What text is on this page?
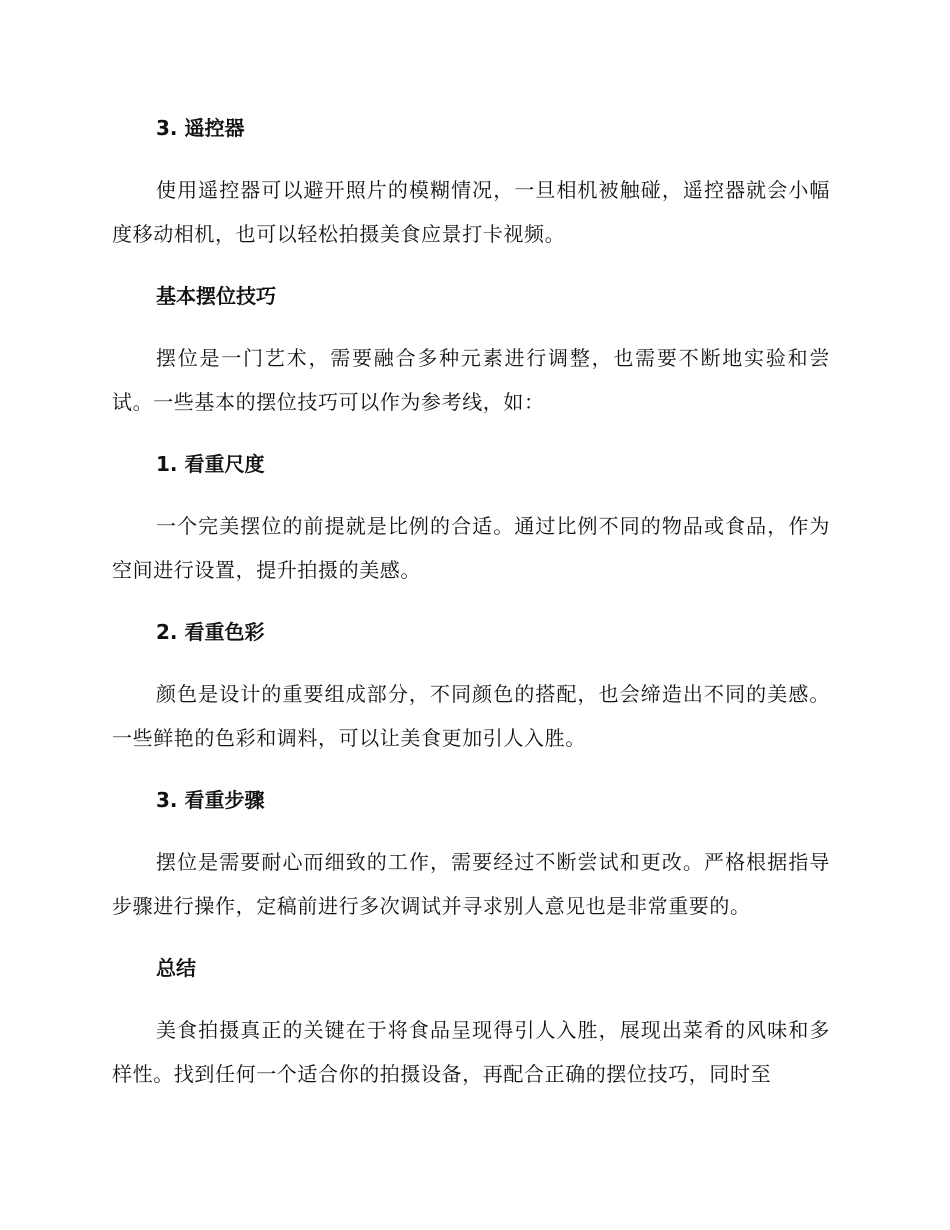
3. 遥控器

使用遥控器可以避开照片的模糊情况，一旦相机被触碰，遥控器就会小幅度移动相机，也可以轻松拍摄美食应景打卡视频。

基本摆位技巧

摆位是一门艺术，需要融合多种元素进行调整，也需要不断地实验和尝试。一些基本的摆位技巧可以作为参考线，如：

1. 看重尺度

一个完美摆位的前提就是比例的合适。通过比例不同的物品或食品，作为空间进行设置，提升拍摄的美感。

2. 看重色彩

颜色是设计的重要组成部分，不同颜色的搭配，也会缔造出不同的美感。一些鲜艳的色彩和调料，可以让美食更加引人入胜。

3. 看重步骤

摆位是需要耐心而细致的工作，需要经过不断尝试和更改。严格根据指导步骤进行操作，定稿前进行多次调试并寻求别人意见也是非常重要的。

总结

美食拍摄真正的关键在于将食品呈现得引人入胜，展现出菜肴的风味和多样性。找到任何一个适合你的拍摄设备，再配合正确的摆位技巧，同时至
